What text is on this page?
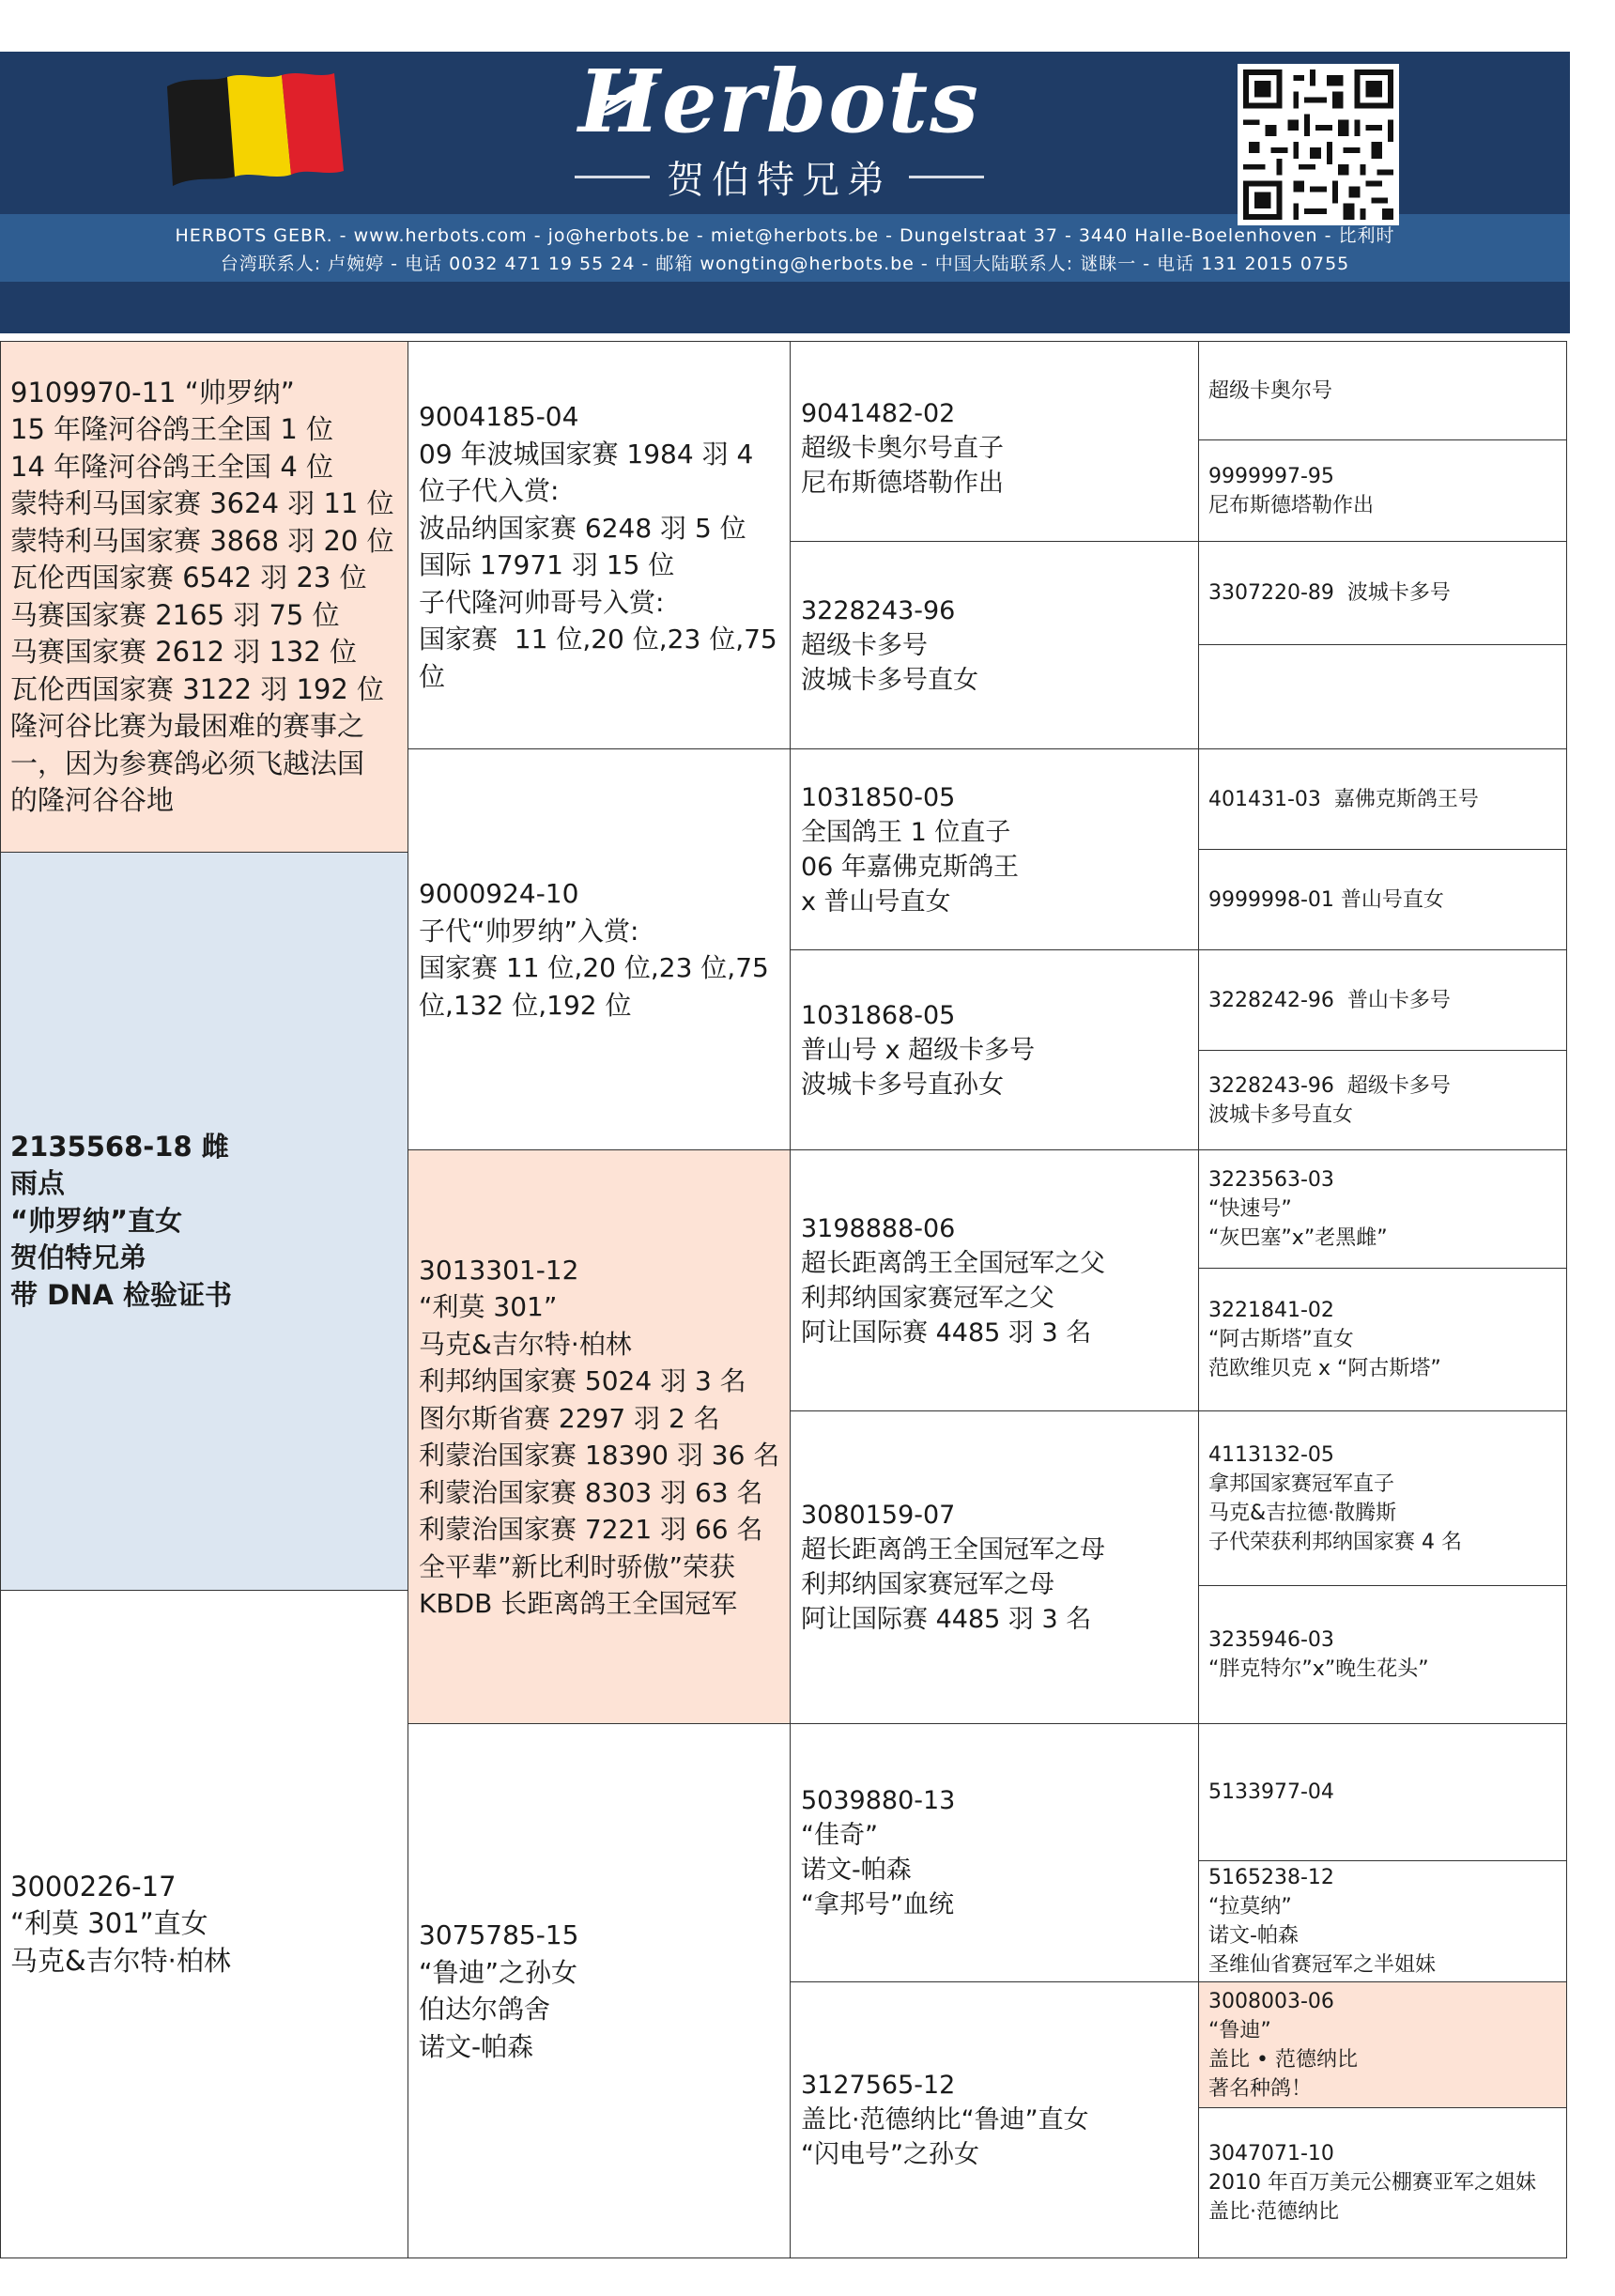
Herbots
贺伯特兄弟
HERBOTS GEBR. - www.herbots.com - jo@herbots.be - miet@herbots.be - Dungelstraat 37 - 3440 Halle-Boelenhoven - 比利时
台湾联系人: 卢婉婷 - 电话 0032 471 19 55 24 - 邮箱 wongting@herbots.be - 中国大陆联系人: 谜睐一 - 电话 131 2015 0755
9109970-11 “帅罗纳”
15 年隆河谷鸽王全国 1 位
14 年隆河谷鸽王全国 4 位
蒙特利马国家赛 3624 羽 11 位
蒙特利马国家赛 3868 羽 20 位
瓦伦西国家赛 6542 羽 23 位
马赛国家赛 2165 羽 75 位
马赛国家赛 2612 羽 132 位
瓦伦西国家赛 3122 羽 192 位
隆河谷比赛为最困难的赛事之
一，因为参赛鸽必须飞越法国
的隆河谷谷地
2135568-18 雌
雨点
“帅罗纳”直女
贺伯特兄弟
带 DNA 检验证书
3000226-17
“利莫 301”直女
马克&吉尔特·柏林
9004185-04
09 年波城国家赛 1984 羽 4
位子代入赏:
波品纳国家赛 6248 羽 5 位
国际 17971 羽 15 位
子代隆河帅哥号入赏:
国家赛  11 位,20 位,23 位,75
位
9000924-10
子代“帅罗纳”入赏:
国家赛 11 位,20 位,23 位,75
位,132 位,192 位
3013301-12
“利莫 301”
马克&吉尔特·柏林
利邦纳国家赛 5024 羽 3 名
图尔斯省赛 2297 羽 2 名
利蒙治国家赛 18390 羽 36 名
利蒙治国家赛 8303 羽 63 名
利蒙治国家赛 7221 羽 66 名
全平辈”新比利时骄傲”荣获
KBDB 长距离鸽王全国冠军
3075785-15
“鲁迪”之孙女
伯达尔鸽舍
诺文-帕森
9041482-02
超级卡奥尔号直子
尼布斯德塔勒作出
3228243-96
超级卡多号
波城卡多号直女
1031850-05
全国鸽王 1 位直子
06 年嘉佛克斯鸽王
x 普山号直女
1031868-05
普山号 x 超级卡多号
波城卡多号直孙女
3198888-06
超长距离鸽王全国冠军之父
利邦纳国家赛冠军之父
阿让国际赛 4485 羽 3 名
3080159-07
超长距离鸽王全国冠军之母
利邦纳国家赛冠军之母
阿让国际赛 4485 羽 3 名
5039880-13
“佳奇”
诺文-帕森
“拿邦号”血统
3127565-12
盖比·范德纳比“鲁迪”直女
“闪电号”之孙女
超级卡奥尔号
9999997-95
尼布斯德塔勒作出
3307220-89  波城卡多号
401431-03  嘉佛克斯鸽王号
9999998-01 普山号直女
3228242-96  普山卡多号
3228243-96  超级卡多号
波城卡多号直女
3223563-03
“快速号”
“灰巴塞”x”老黑雌”
3221841-02
“阿古斯塔”直女
范欧维贝克 x “阿古斯塔”
4113132-05
拿邦国家赛冠军直子
马克&吉拉德·散腾斯
子代荣获利邦纳国家赛 4 名
3235946-03
“胖克特尔”x”晚生花头”
5133977-04
5165238-12
“拉莫纳”
诺文-帕森
圣维仙省赛冠军之半姐妹
3008003-06
“鲁迪”
盖比 • 范德纳比
著名种鸽！
3047071-10
2010 年百万美元公棚赛亚军之姐妹
盖比·范德纳比
